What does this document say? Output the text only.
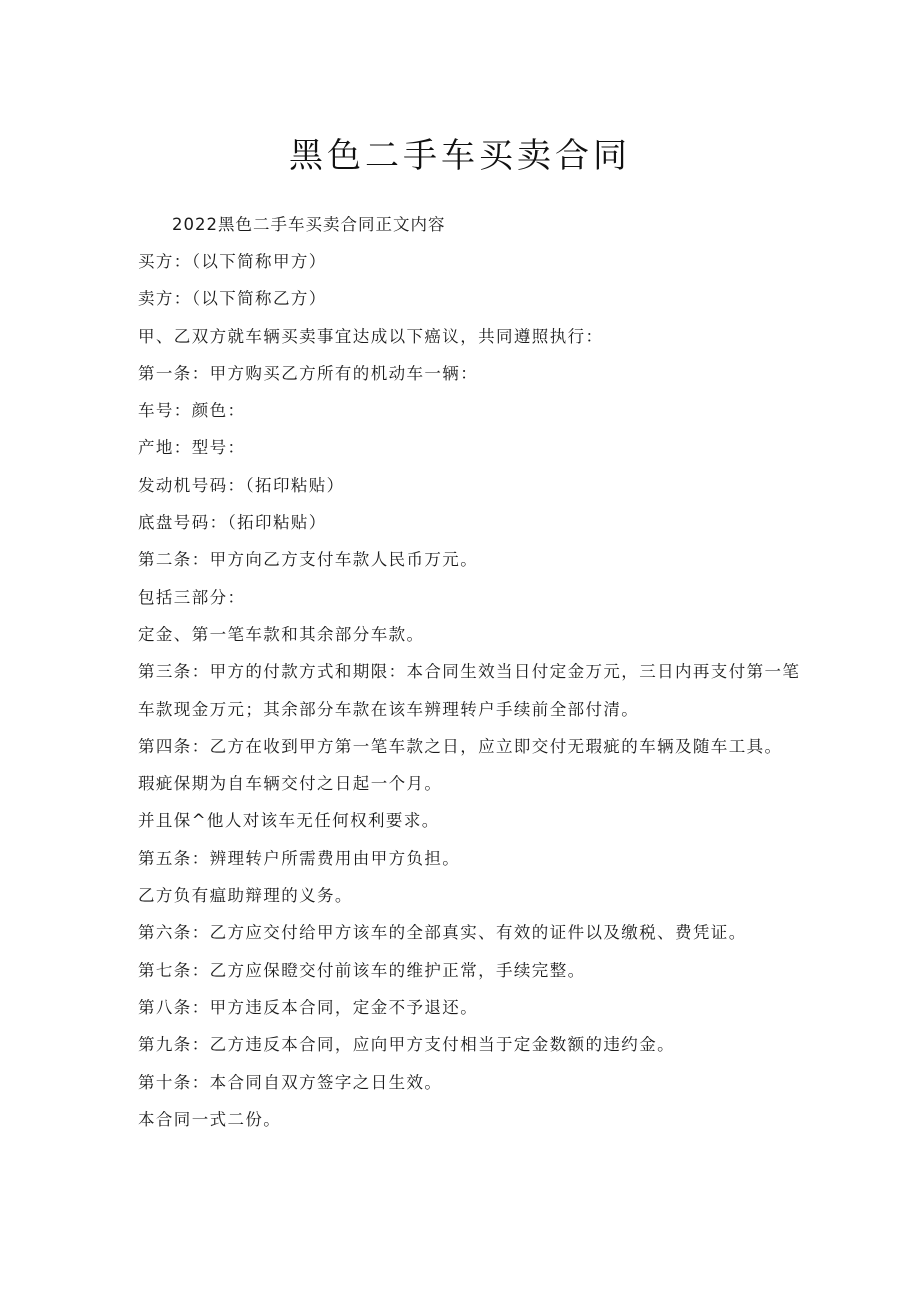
黑色二手车买卖合同
2022黑色二手车买卖合同正文内容
买方：（以下简称甲方）
卖方：（以下简称乙方）
甲、乙双方就车辆买卖事宜达成以下癌议，共同遵照执行：
第一条：甲方购买乙方所有的机动车一辆：
车号：颜色：
产地：型号：
发动机号码：（拓印粘贴）
底盘号码：（拓印粘贴）
第二条：甲方向乙方支付车款人民币万元。
包括三部分：
定金、第一笔车款和其余部分车款。
第三条：甲方的付款方式和期限：本合同生效当日付定金万元，三日内再支付第一笔
车款现金万元；其余部分车款在该车辨理转户手续前全部付清。
第四条：乙方在收到甲方第一笔车款之日，应立即交付无瑕疵的车辆及随车工具。
瑕疵保期为自车辆交付之日起一个月。
并且保^他人对该车无任何权利要求。
第五条：辨理转户所需费用由甲方负担。
乙方负有瘟助辩理的义务。
第六条：乙方应交付给甲方该车的全部真实、有效的证件以及缴税、费凭证。
第七条：乙方应保瞪交付前该车的维护正常，手续完整。
第八条：甲方违反本合同，定金不予退还。
第九条：乙方违反本合同，应向甲方支付相当于定金数额的违约金。
第十条：本合同自双方签字之日生效。
本合同一式二份。
